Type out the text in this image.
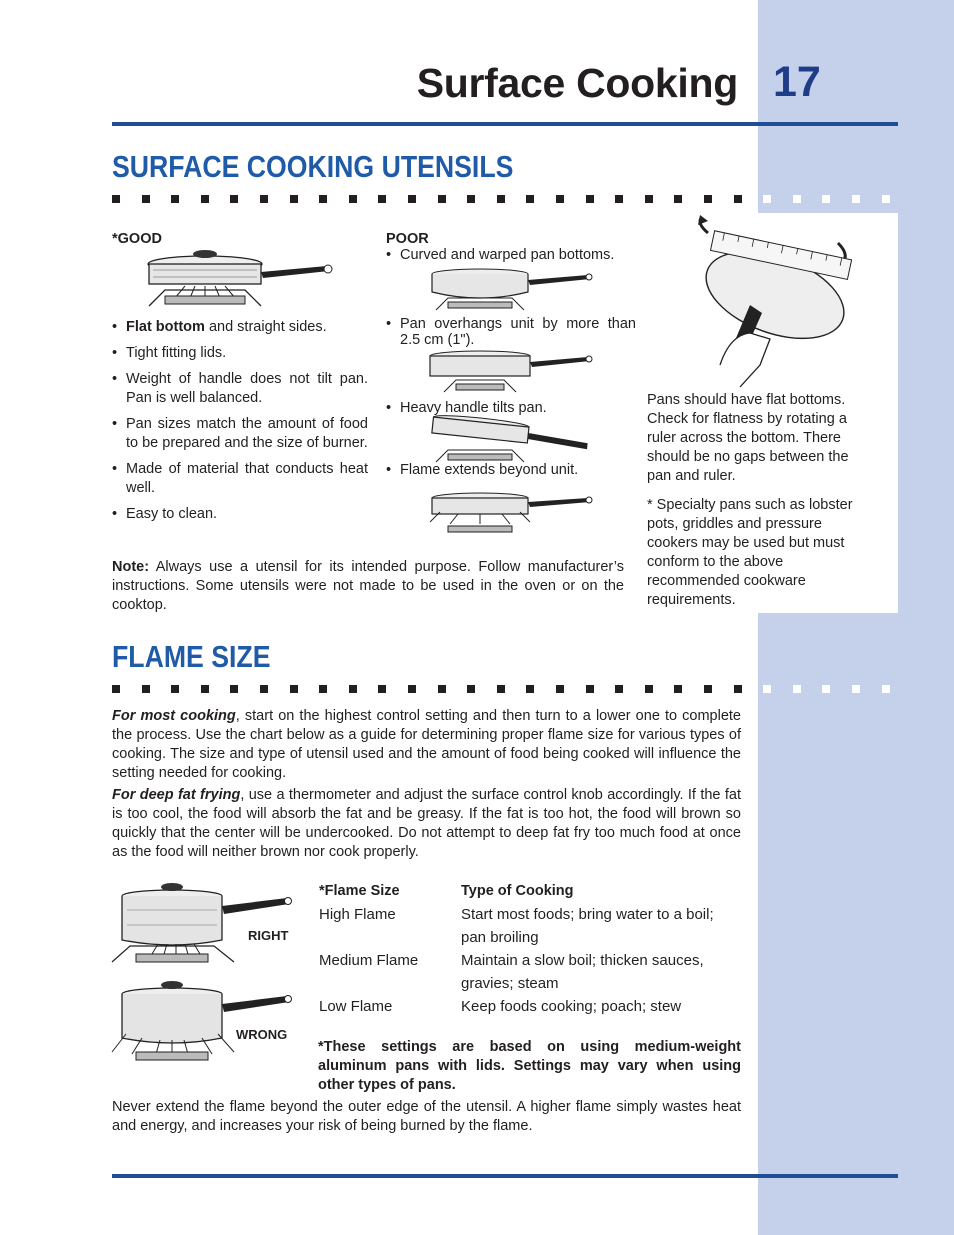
Surface Cooking 17
SURFACE COOKING UTENSILS
*GOOD
• Flat bottom and straight sides.
• Tight fitting lids.
• Weight of handle does not tilt pan. Pan is well balanced.
• Pan sizes match the amount of food to be prepared and the size of burner.
• Made of material that conducts heat well.
• Easy to clean.
POOR
• Curved and warped pan bottoms.
• Pan overhangs unit by more than 2.5 cm (1").
• Heavy handle tilts pan.
• Flame extends beyond unit.

Note: Always use a utensil for its intended purpose. Follow manufacturer’s instructions. Some utensils were not made to be used in the oven or on the cooktop.

Pans should have flat bottoms. Check for flatness by rotating a ruler across the bottom. There should be no gaps between the pan and ruler.
* Specialty pans such as lobster pots, griddles and pressure cookers may be used but must conform to the above recommended cookware requirements.
FLAME SIZE

For most cooking, start on the highest control setting and then turn to a lower one to complete the process. Use the chart below as a guide for determining proper flame size for various types of cooking. The size and type of utensil used and the amount of food being cooked will influence the setting needed for cooking.

For deep fat frying, use a thermometer and adjust the surface control knob accordingly. If the fat is too cool, the food will absorb the fat and be greasy. If the fat is too hot, the food will brown so quickly that the center will be undercooked. Do not attempt to deep fat fry too much food at once as the food will neither brown nor cook properly.

RIGHT
WRONG
*Flame Size	Type of Cooking
High Flame	Start most foods; bring water to a boil;
pan broiling
Medium Flame	Maintain a slow boil; thicken sauces,
gravies; steam
Low Flame	Keep foods cooking; poach; stew

*These settings are based on using medium-weight aluminum pans with lids. Settings may vary when using other types of pans.

Never extend the flame beyond the outer edge of the utensil. A higher flame simply wastes heat and energy, and increases your risk of being burned by the flame.
